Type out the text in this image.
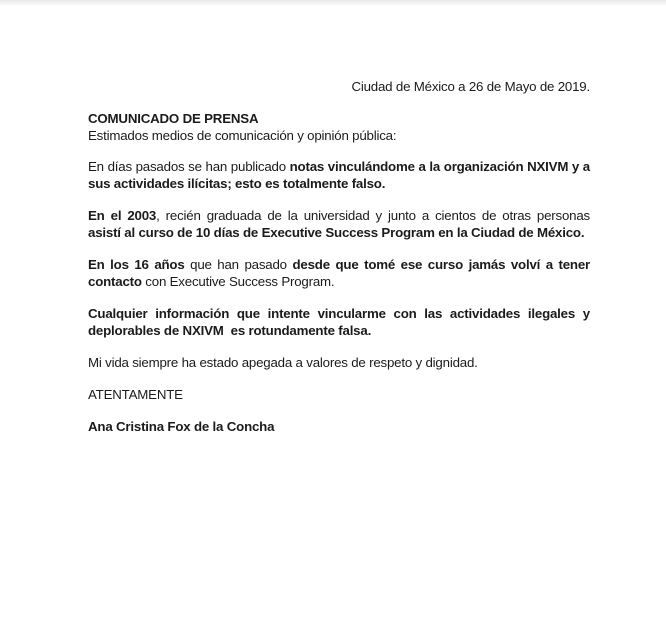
Ciudad de México a 26 de Mayo de 2019.

COMUNICADO DE PRENSA

Estimados medios de comunicación y opinión pública:

En días pasados se han publicado notas vinculándome a la organización NXIVM y a sus actividades ilícitas; esto es totalmente falso.

En el 2003, recién graduada de la universidad y junto a cientos de otras personas asistí al curso de 10 días de Executive Success Program en la Ciudad de México.

En los 16 años que han pasado desde que tomé ese curso jamás volví a tener contacto con Executive Success Program.

Cualquier información que intente vincularme con las actividades ilegales y deplorables de NXIVM  es rotundamente falsa.

Mi vida siempre ha estado apegada a valores de respeto y dignidad.

ATENTAMENTE

Ana Cristina Fox de la Concha
